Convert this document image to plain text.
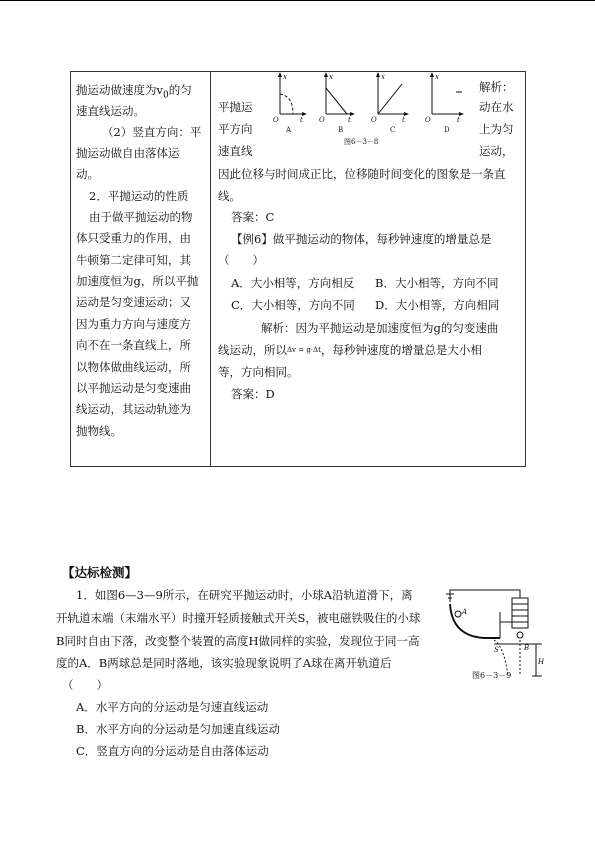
抛运动做速度为$v_0$的匀
速直线运动。
（2）竖直方向：平
抛运动做自由落体运
动。
2．平抛运动的性质
由于做平抛运动的物
体只受重力的作用，由
牛顿第二定律可知，其
加速度恒为g，所以平抛
运动是匀变速运动；又
因为重力方向与速度方
向不在一条直线上，所
以物体做曲线运动，所
以平抛运动是匀变速曲
线运动，其运动轨迹为
抛物线。
平抛运
平方向
速直线
解析：
动在水
上为匀
运动，
因此位移与时间成正比，位移随时间变化的图象是一条直
线。
答案：C
【例6】做平抛运动的物体，每秒钟速度的增量总是
（　　）
A．大小相等，方向相反 B．大小相等，方向不同
C．大小相等，方向不同 D．大小相等，方向相同
解析：因为平抛运动是加速度恒为g的匀变速曲
线运动，所以Δv = g·Δt，每秒钟速度的增量总是大小相
等，方向相同。
答案：D
x	x	x	x
t	t	t	t
O	O	O	O
A	B	C	D
图6－3－8
【达标检测】
1．如图6—3—9所示，在研究平抛运动时，小球A沿轨道滑下，离
开轨道末端（末端水平）时撞开轻质接触式开关S，被电磁铁吸住的小球
B同时自由下落，改变整个装置的高度H做同样的实验，发现位于同一高
度的A．B两球总是同时落地，该实验现象说明了A球在离开轨道后
（　　）
A．水平方向的分运动是匀速直线运动
B．水平方向的分运动是匀加速直线运动
C．竖直方向的分运动是自由落体运动
A
S	B
H
图6－3－9
